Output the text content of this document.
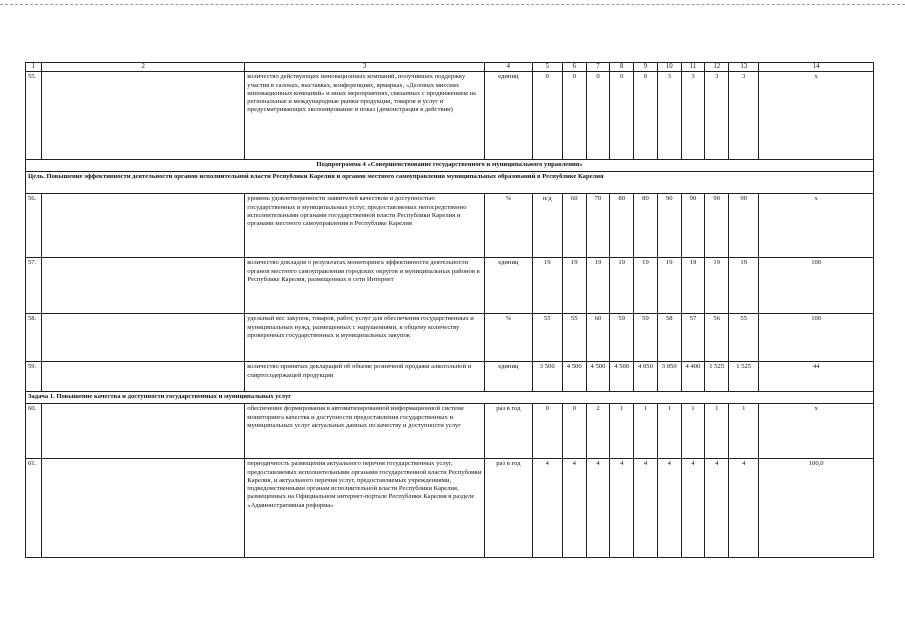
1	2	3	4	5	6	7	8	9	10	11	12	13	14
55.		количество действующих инновационных компаний, получивших поддержку участия в салонах, выставках, конференциях, ярмарках, «Деловых миссиях инновационных компаний» и иных мероприятиях, связанных с продвижением на региональные и международные рынки продукции, товаров и услуг и предусматривающих экспонирование и показ (демонстрация в действии)	единиц	0	0	0	0	0	3	3	3	3	x
Подпрограмма 4 «Совершенствование государственного и муниципального управления»													
Цель. Повышение эффективности деятельности органов исполнительной власти Республики Карелия и органов местного самоуправления муниципальных образований в Республике Карелия													
56.		уровень удовлетворенности заявителей качеством и доступностью государственных и муниципальных услуг, предоставляемых непосредственно исполнительными органами государственной власти Республики Карелия и органами местного самоуправления в Республике Карелия	%	н/д	60	70	80	80	90	90	90	90	x
57.		количество докладов о результатах мониторинга эффективности деятельности органов местного самоуправления городских округов и муниципальных районов в Республике Карелия, размещенных в сети Интернет	единиц	19	19	19	19	19	19	19	19	19	100
58.		удельный вес закупок, товаров, работ, услуг для обеспечения государственных и муниципальных нужд, размещенных с нарушениями, к общему количеству проверенных государственных и муниципальных закупок	%	55	55	60	59	59	58	57	56	55	100
59.		количество принятых деклараций об объеме розничной продажи алкогольной и спиртосодержащей продукции	единиц	3 500	4 500	4 500	4 500	4 050	3 050	4 400	1 525	1 525	44
Задача 1. Повышение качества и доступности государственных и муниципальных услуг													
60.		обеспечение формирования в автоматизированной информационной системе мониторинга качества и доступности предоставления государственных и муниципальных услуг актуальных данных по качеству и доступности услуг	раз в год	0	0	2	1	1	1	1	1	1	x
61.		периодичность размещения актуального перечня государственных услуг, предоставляемых исполнительными органами государственной власти Республики Карелия, и актуального перечня услуг, предоставляемых учреждениями, подведомственными органам исполнительной власти Республики Карелия, размещенных на Официальном интернет-портале Республики Карелия в разделе «Административная реформа»	раз в год	4	4	4	4	4	4	4	4	4	100,0
